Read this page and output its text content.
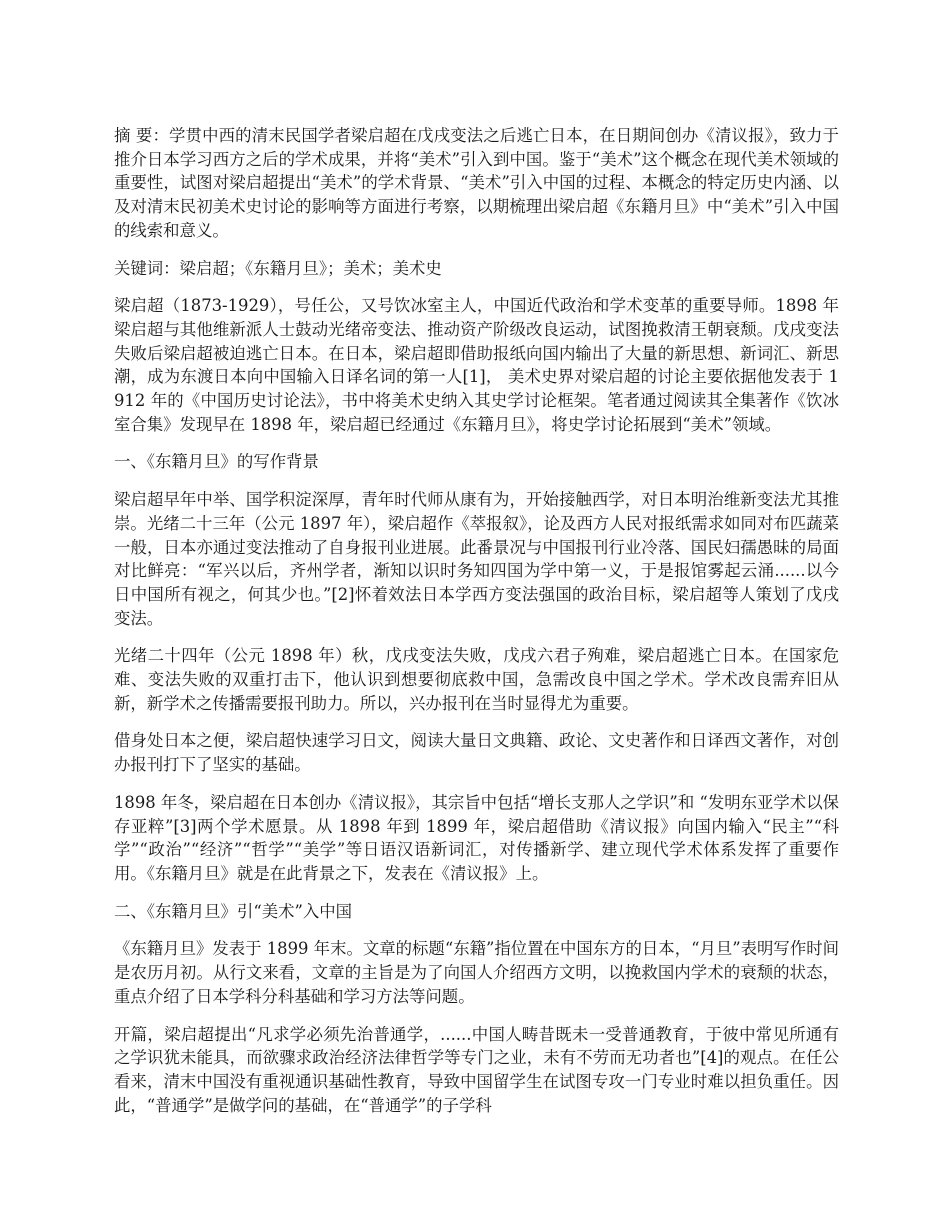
摘 要：学贯中西的清末民国学者梁启超在戊戌变法之后逃亡日本，在日期间创办《清议报》，致力于推介日本学习西方之后的学术成果，并将“美术”引入到中国。鉴于“美术”这个概念在现代美术领域的重要性，试图对梁启超提出“美术”的学术背景、“美术”引入中国的过程、本概念的特定历史内涵、以及对清末民初美术史讨论的影响等方面进行考察，以期梳理出梁启超《东籍月旦》中“美术”引入中国的线索和意义。

关键词：梁启超；《东籍月旦》；美术；美术史

梁启超（1873-1929），号任公，又号饮冰室主人，中国近代政治和学术变革的重要导师。1898 年梁启超与其他维新派人士鼓动光绪帝变法、推动资产阶级改良运动，试图挽救清王朝衰颓。戊戌变法失败后梁启超被迫逃亡日本。在日本，梁启超即借助报纸向国内输出了大量的新思想、新词汇、新思潮，成为东渡日本向中国输入日译名词的第一人[1]， 美术史界对梁启超的讨论主要依据他发表于 1912 年的《中国历史讨论法》，书中将美术史纳入其史学讨论框架。笔者通过阅读其全集著作《饮冰室合集》发现早在 1898 年，梁启超已经通过《东籍月旦》，将史学讨论拓展到“美术”领域。

一、《东籍月旦》的写作背景

梁启超早年中举、国学积淀深厚，青年时代师从康有为，开始接触西学，对日本明治维新变法尤其推崇。光绪二十三年（公元 1897 年），梁启超作《萃报叙》，论及西方人民对报纸需求如同对布匹蔬菜一般，日本亦通过变法推动了自身报刊业进展。此番景况与中国报刊行业冷落、国民妇孺愚昧的局面对比鲜亮：“军兴以后，齐州学者，渐知以识时务知四国为学中第一义，于是报馆雾起云涌......以今日中国所有视之，何其少也。”[2]怀着效法日本学西方变法强国的政治目标，梁启超等人策划了戊戌变法。

光绪二十四年（公元 1898 年）秋，戊戌变法失败，戊戌六君子殉难，梁启超逃亡日本。在国家危难、变法失败的双重打击下，他认识到想要彻底救中国，急需改良中国之学术。学术改良需弃旧从新，新学术之传播需要报刊助力。所以，兴办报刊在当时显得尤为重要。

借身处日本之便，梁启超快速学习日文，阅读大量日文典籍、政论、文史著作和日译西文著作，对创办报刊打下了坚实的基础。

1898 年冬，梁启超在日本创办《清议报》，其宗旨中包括“增长支那人之学识”和 “发明东亚学术以保存亚粹”[3]两个学术愿景。从 1898 年到 1899 年，梁启超借助《清议报》向国内输入“民主”“科学”“政治”“经济”“哲学”“美学”等日语汉语新词汇，对传播新学、建立现代学术体系发挥了重要作用。《东籍月旦》就是在此背景之下，发表在《清议报》上。

二、《东籍月旦》引“美术”入中国

《东籍月旦》发表于 1899 年末。文章的标题“东籍”指位置在中国东方的日本，“月旦”表明写作时间是农历月初。从行文来看，文章的主旨是为了向国人介绍西方文明，以挽救国内学术的衰颓的状态，重点介绍了日本学科分科基础和学习方法等问题。

开篇，梁启超提出“凡求学必须先治普通学，......中国人畴昔既未一受普通教育，于彼中常见所通有之学识犹未能具，而欲骤求政治经济法律哲学等专门之业，未有不劳而无功者也”[4]的观点。在任公看来，清末中国没有重视通识基础性教育，导致中国留学生在试图专攻一门专业时难以担负重任。因此，“普通学”是做学问的基础，在“普通学”的子学科
